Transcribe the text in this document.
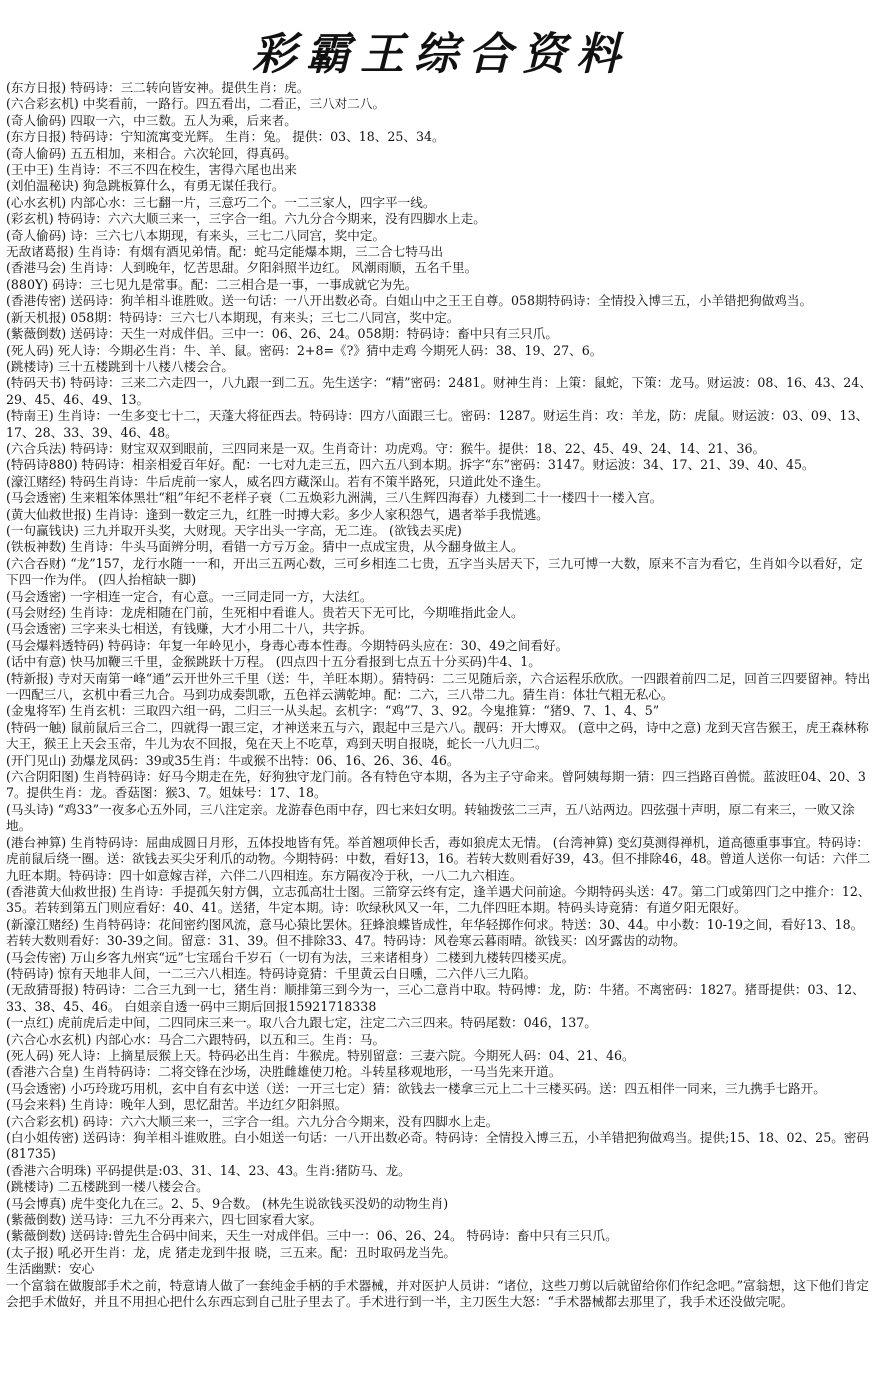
彩霸王综合资料
(东方日报) 特码诗：三二转向皆安神。提供生肖：虎。
(六合彩玄机) 中奖看前，一路行。四五看出，二看正，三八对二八。
(奇人偷码) 四取一六，中三数。五人为乘，后来者。
(东方日报) 特码诗：宁知流寓变光辉。 生肖：兔。 提供：03、18、25、34。
(奇人偷码) 五五相加，来相合。六次轮回，得真码。
(王中王) 生肖诗：不三不四在校生，害得六尾也出来
(刘伯温秘诀) 狗急跳板算什么，有勇无谋任我行。
(心水玄机) 内部心水：三七翻一片，三意巧二个。一二三家人，四字平一线。
(彩玄机) 特码诗：六六大顺三来一，三字合一组。六九分合今期来，没有四脚水上走。
(奇人偷码) 诗：三六七八本期现，有来头，三七二八同宫，奖中定。
无敌诸葛报) 生肖诗：有烟有酒见弟情。配：蛇马定能爆本期，三二合七特马出
(香港马会) 生肖诗：人到晚年，忆苦思甜。夕阳斜照半边红。 风潮雨顺，五名千里。
(880Y) 码诗：三七见九是常事。配：二三相合是一事，一事成就它为先。
(香港传密) 送码诗：狗羊相斗谁胜败。送一句话：一八开出数必奇。白姐山中之王王自尊。058期特码诗：全情投入博三五，小羊错把狗做鸡当。
(新天机报) 058期：特码诗：三六七八本期现，有来头；三七二八同宫，奖中定。
(紫薇倒数) 送码诗：天生一对成伴侣。三中一：06、26、24。058期：特码诗：畜中只有三只爪。
(死人码) 死人诗：今期必生肖：牛、羊、鼠。密码：2+8=《?》猜中走鸡 今期死人码：38、19、27、6。
(跳楼诗) 三十五楼跳到十八楼八楼会合。
(特码天书) 特码诗：三来二六走四一，八九跟一到二五。先生送字：“精”密码：2481。财神生肖：上策：鼠蛇，下策：龙马。财运波：08、16、43、24、29、45、46、49、13。
(特南王) 生肖诗：一生多变七十二，天蓬大将征西去。特码诗：四方八面跟三七。密码：1287。财运生肖：攻：羊龙，防：虎鼠。财运波：03、09、13、17、28、33、39、46、48。
(六合兵法) 特码诗：财宝双双到眼前，三四同来是一双。生肖奇计：功虎鸡。守：猴牛。提供：18、22、45、49、24、14、21、36。
(特码诗880) 特码诗：相亲相爱百年好。配：一七对九走三五，四六五八到本期。拆字“东”密码：3147。财运波：34、17、21、39、40、45。
(濠江赌经) 特码生肖诗：牛后虎前一家人，威名四方藏深山。若有不策半路死，只道此处不逢生。
(马会透密) 生来粗笨体黑壮“粗”年纪不老样子衰（二五焕彩九洲满，三八生辉四海春）九楼到二十一楼四十一楼入宫。
(黄大仙救世报) 生肖诗：逢到一数定三九，红胜一时搏大彩。多少人家积怨气，遇者举手我慌逃。
(一句赢钱诀) 三九并取开头奖，大财现。天字出头一字高，无二连。 (欲钱去买虎)
(铁板神数) 生肖诗：牛头马面辨分明，看错一方亏万金。猜中一点成宝贵，从今翻身做主人。
(六合吞财) “龙”157，龙行水随一一和，开出三五两心数，三可乡相连二七贵，五字当头居天下，三九可博一大数，原来不言为看它，生肖如今以看好，定下四一作为伴。 (四人抬棺缺一脚)
(马会透密) 一字相连一定合，有心意。一三同走同一方，大法红。
(马会财经) 生肖诗：龙虎相随在门前，生死相中看谁人。贵若天下无可比，今期唯指此金人。
(马会透密) 三字来头七相送，有钱赚，大才小用二十八，共字拆。
(马会爆料透特码) 特码诗：年复一年岭见小，身毒心毒本性毒。今期特码头应在：30、49之间看好。
(话中有意) 快马加鞭三千里，金猴跳跃十万程。 (四点四十五分看报到七点五十分买码)牛4、1。
(特新报) 寺对天南第一峰“通”云开世外三千里（送：牛，羊旺本期）。猜特码：二三见随后亲，六合运程乐欣欣。一四跟着前四二足，回首三四要留神。特出一四配三八，玄机中看三九合。马到功成奏凯歌，五色祥云满乾坤。配：二六，三八带二九。猜生肖：体壮气粗无私心。
(金鬼将军) 生肖玄机：三取四六组一码，二归三一从头起。玄机字：“鸡”7、3、92。今鬼推算：“猪9、7、1、4、5”
(特码一触) 鼠前鼠后三合二，四就得一跟三定，才神送来五与六，跟起中三是六八。靓码：开大博双。 (意中之码，诗中之意) 龙到天宫告猴王，虎王森林称大王，猴王上天会玉帝，牛儿为农不回报，兔在天上不吃草，鸡到天明自报晓，蛇长一八九归二。
(开门见山) 劲爆龙凤码：39或35生肖：牛或猴不出特：06、16、26、36、46。
(六合阴阳图) 生肖特码诗：好马今期走在先，好狗独守龙门前。各有特色守本期，各为主子守命来。曾阿姨每期一猜：四三挡路百兽慌。蓝波旺04、20、37。提供生肖：龙。香菇图：猴3、7。姐妹号：17、18。
(马头诗) “鸡33”一夜多心五外同，三八注定亲。龙游春色雨中存，四七来妇女明。转轴拨弦二三声，五八站两边。四弦强十声明，原二有来三，一败又涂地。
(港台神算) 生肖特码诗：屈曲成圆日月形，五体投地皆有凭。举首翘项伸长舌，毒如狼虎太无情。 (台湾神算) 变幻莫测得禅机，道高德重事事宜。特码诗：虎前鼠后绕一圈。送：欲钱去买尖牙利爪的动物。今期特码：中数，看好13，16。若转大数则看好39，43。但不排除46，48。曾道人送你一句话：六伴二九旺本期。特码诗：四十如意嫁吉祥，六伴二八四相连。东方隔夜冷于秋，一八二九六相连。
(香港黄大仙救世报) 生肖诗：手提孤矢射方偶，立志孤高壮士图。三箭穿云终有定，逢羊遇犬问前途。今期特码头送：47。第二门或第四门之中推介：12、35。若转到第五门则应看好：40、41。送猪，牛定本期。诗：吹绿秋风又一年，二九伴四旺本期。特码头诗竟猜：有道夕阳无限好。
(新濠江赌经) 生肖特码诗：花间密约图风流，意马心猿比罢休。狂蜂浪蝶皆成性，年华轻掷作何求。特送：30、44。中小数：10-19之间，看好13、18。若转大数则看好：30-39之间。留意：31、39。但不排除33、47。特码诗：风卷寒云暮雨晴。欲钱买：凶牙露齿的动物。
(马会传密) 万山乡客九州宾“远”七宝瑶台千岁石（一切有为法，三来诸相身）二楼到九楼转四楼买虎。
(特码诗) 惊有天地非人间，一二三六八相连。特码诗竟猜：千里黄云白日曛，二六伴八三九陷。
(无敌猜哥报) 特码诗：二合三九到一七，猪生肖：顺排第三到今为一，三心二意肖中取。特码博：龙，防：牛猪。不离密码：1827。猪哥提供：03、12、33、38、45、46。 白姐亲自透一码中三期后回报15921718338
(一点红) 虎前虎后走中间，二四同床三来一。取八合九跟七定，注定二六三四来。特码尾数：046，137。
(六合心水玄机) 内部心水：马合二六跟特码，以五和三。生肖：马。
(死人码) 死人诗：上摘星辰猴上天。特码必出生肖：牛猴虎。特别留意：三妻六院。今期死人码：04、21、46。
(香港六合皇) 生肖特码诗：二将交锋在沙场，决胜雌雄使刀枪。斗转星移观地形，一马当先来开道。
(马会透密) 小巧玲珑巧用机，玄中自有玄中送（送：一开三七定）猜：欲钱去一楼拿三元上二十三楼买码。送：四五相伴一同来，三九携手七路开。
(马会来料) 生肖诗：晚年人到，思忆甜苦。半边红夕阳斜照。
(六合彩玄机) 码诗：六六大顺三来一，三字合一组。六九分合今期来，没有四脚水上走。
(白小姐传密) 送码诗：狗羊相斗谁败胜。白小姐送一句话：一八开出数必奇。特码诗：全情投入博三五，小羊错把狗做鸡当。提供;15、18、02、25。密码(81735)
(香港六合明珠) 平码提供是:03、31、14、23、43。生肖:猪防马、龙。
(跳楼诗) 二五楼跳到一楼八楼会合。
(马会博真) 虎牛变化九在三。2、5、9合数。 (林先生说欲钱买没奶的动物生肖)
(紫薇倒数) 送马诗：三九不分再来六，四七回家看大家。
(紫薇倒数) 送码诗:曾先生合码中间来，天生一对成伴侣。三中一：06、26、24。 特码诗：畜中只有三只爪。
(太子报) 吼必开生肖：龙，虎 猪走龙到牛报 晓，三五来。配：丑时取码龙当先。
生活幽默：安心
一个富翁在做腹部手术之前，特意请人做了一套纯金手柄的手术器械，并对医护人员讲：“诸位，这些刀剪以后就留给你们作纪念吧。”富翁想，这下他们肯定会把手术做好，并且不用担心把什么东西忘到自己肚子里去了。手术进行到一半，主刀医生大怒：“手术器械都去那里了，我手术还没做完呢。
